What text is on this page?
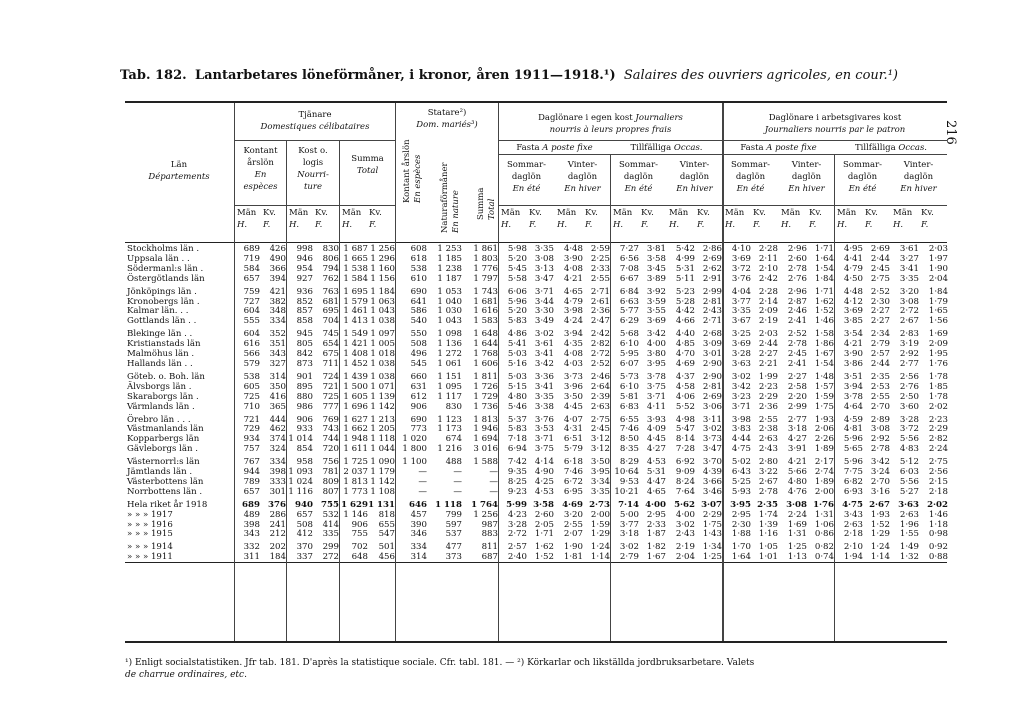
Tab. 182. Lantarbetares löneförmåner, i kronor, åren 1911—1918.¹) Salaires des ouvriers agricoles, en cour.¹)
216
Län
Départements
Tjänare
Domestiques célibataires
Kontant
årslön
En
espèces
Kost o.
logis
Nourri-
ture
Summa
Total
Statare²)
Dom. mariés³)
Kontant årslön En espèces Naturaförmåner En nature Summa Total
Daglönare i egen kost Journaliers
nourris à leurs propres frais
Daglönare i arbetsgivares kost
Journaliers nourris par le patron
Fasta A poste fixe	Tillfälliga Occas.	Fasta A poste fixe	Tillfälliga Occas.
Sommar-
daglön
En été
Vinter-
daglön
En hiver
Sommar-
daglön
En été
Vinter-
daglön
En hiver
Sommar-
daglön
En été
Vinter-
daglön
En hiver
Sommar-
daglön
En été
Vinter-
daglön
En hiver
Män
H.
Kv.
F.
Män
H.
Kv.
F.
Män
H.
Kv.
F.
Män
H.
Kv.
F.
Män
H.
Kv.
F.
Män
H.
Kv.
F.
Män
H.
Kv.
F.
Män
H.
Kv.
F.
Män
H.
Kv.
F.
Män
H.
Kv.
F.
Män
H.
Kv.
F.
Stockholms län .	689	426	998	830	1 687	1 256	608	1 253	1 861	5·98	3·35	4·48	2·59	7·27	3·81	5·42	2·86	4·10	2·28	2·96	1·71	4·95	2·69	3·61	2·03
Uppsala län . .	719	490	946	806	1 665	1 296	618	1 185	1 803	5·20	3·08	3·90	2·25	6·56	3·58	4·99	2·69	3·69	2·11	2·60	1·64	4·41	2·44	3·27	1·97
Södermanl:s län .	584	366	954	794	1 538	1 160	538	1 238	1 776	5·45	3·13	4·08	2·33	7·08	3·45	5·31	2·62	3·72	2·10	2·78	1·54	4·79	2·45	3·41	1·90
Östergötlands län	657	394	927	762	1 584	1 156	610	1 187	1 797	5·58	3·47	4·21	2·55	6·67	3·89	5·11	2·91	3·76	2·42	2·76	1·84	4·50	2·75	3·35	2·04
Jönköpings län .	759	421	936	763	1 695	1 184	690	1 053	1 743	6·06	3·71	4·65	2·71	6·84	3·92	5·23	2·99	4·04	2·28	2·96	1·71	4·48	2·52	3·20	1·84
Kronobergs län .	727	382	852	681	1 579	1 063	641	1 040	1 681	5·96	3·44	4·79	2·61	6·63	3·59	5·28	2·81	3·77	2·14	2·87	1·62	4·12	2·30	3·08	1·79
Kalmar län. . .	604	348	857	695	1 461	1 043	586	1 030	1 616	5·20	3·30	3·98	2·36	5·77	3·55	4·42	2·43	3·35	2·09	2·46	1·52	3·69	2·27	2·72	1·65
Gottlands län . .	555	334	858	704	1 413	1 038	540	1 043	1 583	5·83	3·49	4·24	2·47	6·29	3·69	4·66	2·71	3·67	2·19	2·41	1·46	3·85	2·27	2·67	1·56
Blekinge län . .	604	352	945	745	1 549	1 097	550	1 098	1 648	4·86	3·02	3·94	2·42	5·68	3·42	4·40	2·68	3·25	2·03	2·52	1·58	3·54	2·34	2·83	1·69
Kristianstads län	616	351	805	654	1 421	1 005	508	1 136	1 644	5·41	3·61	4·35	2·82	6·10	4·00	4·85	3·09	3·69	2·44	2·78	1·86	4·21	2·79	3·19	2·09
Malmöhus län .	566	343	842	675	1 408	1 018	496	1 272	1 768	5·03	3·41	4·08	2·72	5·95	3·80	4·70	3·01	3·28	2·27	2·45	1·67	3·90	2·57	2·92	1·95
Hallands län . .	579	327	873	711	1 452	1 038	545	1 061	1 606	5·16	3·42	4·03	2·52	6·07	3·95	4·69	2·90	3·63	2·21	2·41	1·54	3·86	2·44	2·77	1·76
Göteb. o. Boh. län	538	314	901	724	1 439	1 038	660	1 151	1 811	5·03	3·36	3·73	2·46	5·73	3·78	4·37	2·90	3·02	1·99	2·27	1·48	3·51	2·35	2·56	1·78
Älvsborgs län .	605	350	895	721	1 500	1 071	631	1 095	1 726	5·15	3·41	3·96	2·64	6·10	3·75	4·58	2·81	3·42	2·23	2·58	1·57	3·94	2·53	2·76	1·85
Skaraborgs län .	725	416	880	725	1 605	1 139	612	1 117	1 729	4·80	3·35	3·50	2·39	5·81	3·71	4·06	2·69	3·23	2·29	2·20	1·59	3·78	2·55	2·50	1·78
Värmlands län .	710	365	986	777	1 696	1 142	906	830	1 736	5·46	3·38	4·45	2·63	6·83	4·11	5·52	3·06	3·71	2·36	2·99	1·75	4·64	2·70	3·60	2·02
Örebro län . . .	721	444	906	769	1 627	1 213	690	1 123	1 813	5·37	3·76	4·07	2·75	6·55	3·93	4·98	3·11	3·98	2·55	2·77	1·93	4·59	2·89	3·28	2·23
Västmanlands län	729	462	933	743	1 662	1 205	773	1 173	1 946	5·83	3·53	4·31	2·45	7·46	4·09	5·47	3·02	3·83	2·38	3·18	2·06	4·81	3·08	3·72	2·29
Kopparbergs län	934	374	1 014	744	1 948	1 118	1 020	674	1 694	7·18	3·71	6·51	3·12	8·50	4·45	8·14	3·73	4·44	2·63	4·27	2·26	5·96	2·92	5·56	2·82
Gävleborgs län .	757	324	854	720	1 611	1 044	1 800	1 216	3 016	6·94	3·75	5·79	3·12	8·35	4·27	7·28	3·47	4·75	2·43	3·91	1·89	5·65	2·78	4·83	2·24
Västernorrl:s län	767	334	958	756	1 725	1 090	1 100	488	1 588	7·42	4·14	6·18	3·50	8·29	4·53	6·92	3·70	5·02	2·80	4·21	2·17	5·96	3·42	5·12	2·75
Jämtlands län .	944	398	1 093	781	2 037	1 179	—	—	—	9·35	4·90	7·46	3·95	10·64	5·31	9·09	4·39	6·43	3·22	5·66	2·74	7·75	3·24	6·03	2·56
Västerbottens län	789	333	1 024	809	1 813	1 142	—	—	—	8·25	4·25	6·72	3·34	9·53	4·47	8·24	3·66	5·25	2·67	4·80	1·89	6·82	2·70	5·56	2·15
Norrbottens län .	657	301	1 116	807	1 773	1 108	—	—	—	9·23	4·53	6·95	3·35	10·21	4·65	7·64	3·46	5·93	2·78	4·76	2·00	6·93	3·16	5·27	2·18
Hela riket år 1918	689	376	940	755	1 629	1 131	646	1 118	1 764	5·99	3·58	4·69	2·73	7·14	4·00	5·62	3·07	3·95	2·35	3·08	1·76	4·75	2·67	3·63	2·02
» » » 1917	489	286	657	532	1 146	818	457	799	1 256	4·23	2·60	3·20	2·00	5·00	2·95	4·00	2·29	2·95	1·74	2·24	1·31	3·43	1·93	2·63	1·46
» » » 1916	398	241	508	414	906	655	390	597	987	3·28	2·05	2·55	1·59	3·77	2·33	3·02	1·75	2·30	1·39	1·69	1·06	2·63	1·52	1·96	1·18
» » » 1915	343	212	412	335	755	547	346	537	883	2·72	1·71	2·07	1·29	3·18	1·87	2·43	1·43	1·88	1·16	1·31	0·86	2·18	1·29	1·55	0·98
» » » 1914	332	202	370	299	702	501	334	477	811	2·57	1·62	1·90	1·24	3·02	1·82	2·19	1·34	1·70	1·05	1·25	0·82	2·10	1·24	1·49	0·92
» » » 1911	311	184	337	272	648	456	314	373	687	2·40	1·52	1·81	1·14	2·79	1·67	2·04	1·25	1·64	1·01	1·13	0·74	1·94	1·14	1·32	0·88
¹) Enligt socialstatistiken. Jfr tab. 181. D'après la statistique sociale. Cfr. tabl. 181. — ²) Körkarlar och likställda jordbruksarbetare. Valets
de charrue ordinaires, etc.
